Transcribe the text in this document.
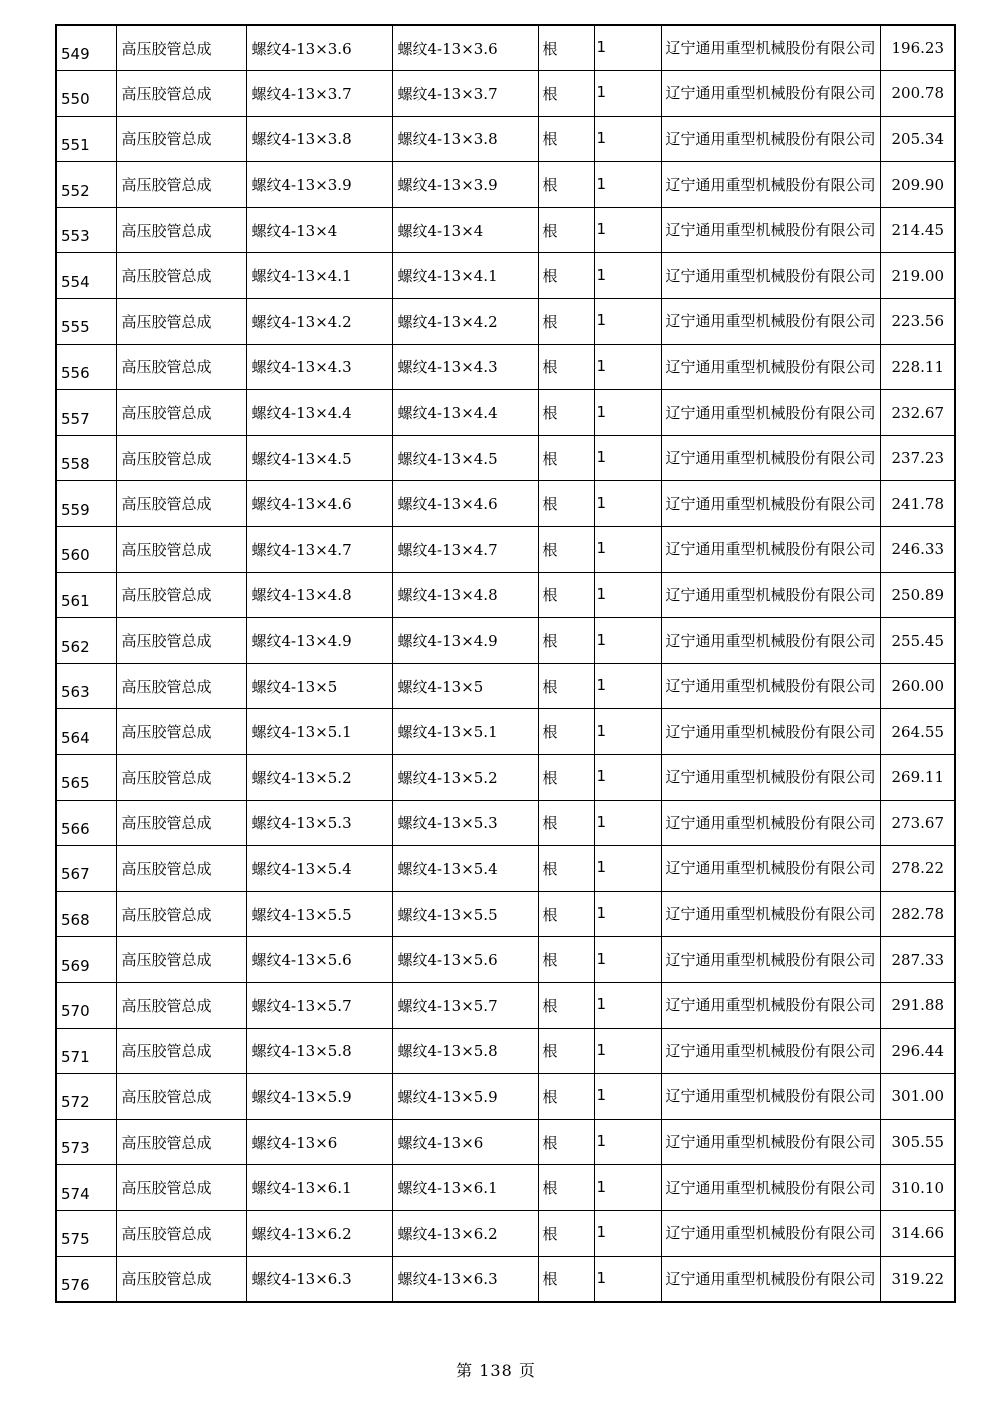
549	高压胶管总成	螺纹4-13×3.6	螺纹4-13×3.6	根	1	辽宁通用重型机械股份有限公司	196.23
550	高压胶管总成	螺纹4-13×3.7	螺纹4-13×3.7	根	1	辽宁通用重型机械股份有限公司	200.78
551	高压胶管总成	螺纹4-13×3.8	螺纹4-13×3.8	根	1	辽宁通用重型机械股份有限公司	205.34
552	高压胶管总成	螺纹4-13×3.9	螺纹4-13×3.9	根	1	辽宁通用重型机械股份有限公司	209.90
553	高压胶管总成	螺纹4-13×4	螺纹4-13×4	根	1	辽宁通用重型机械股份有限公司	214.45
554	高压胶管总成	螺纹4-13×4.1	螺纹4-13×4.1	根	1	辽宁通用重型机械股份有限公司	219.00
555	高压胶管总成	螺纹4-13×4.2	螺纹4-13×4.2	根	1	辽宁通用重型机械股份有限公司	223.56
556	高压胶管总成	螺纹4-13×4.3	螺纹4-13×4.3	根	1	辽宁通用重型机械股份有限公司	228.11
557	高压胶管总成	螺纹4-13×4.4	螺纹4-13×4.4	根	1	辽宁通用重型机械股份有限公司	232.67
558	高压胶管总成	螺纹4-13×4.5	螺纹4-13×4.5	根	1	辽宁通用重型机械股份有限公司	237.23
559	高压胶管总成	螺纹4-13×4.6	螺纹4-13×4.6	根	1	辽宁通用重型机械股份有限公司	241.78
560	高压胶管总成	螺纹4-13×4.7	螺纹4-13×4.7	根	1	辽宁通用重型机械股份有限公司	246.33
561	高压胶管总成	螺纹4-13×4.8	螺纹4-13×4.8	根	1	辽宁通用重型机械股份有限公司	250.89
562	高压胶管总成	螺纹4-13×4.9	螺纹4-13×4.9	根	1	辽宁通用重型机械股份有限公司	255.45
563	高压胶管总成	螺纹4-13×5	螺纹4-13×5	根	1	辽宁通用重型机械股份有限公司	260.00
564	高压胶管总成	螺纹4-13×5.1	螺纹4-13×5.1	根	1	辽宁通用重型机械股份有限公司	264.55
565	高压胶管总成	螺纹4-13×5.2	螺纹4-13×5.2	根	1	辽宁通用重型机械股份有限公司	269.11
566	高压胶管总成	螺纹4-13×5.3	螺纹4-13×5.3	根	1	辽宁通用重型机械股份有限公司	273.67
567	高压胶管总成	螺纹4-13×5.4	螺纹4-13×5.4	根	1	辽宁通用重型机械股份有限公司	278.22
568	高压胶管总成	螺纹4-13×5.5	螺纹4-13×5.5	根	1	辽宁通用重型机械股份有限公司	282.78
569	高压胶管总成	螺纹4-13×5.6	螺纹4-13×5.6	根	1	辽宁通用重型机械股份有限公司	287.33
570	高压胶管总成	螺纹4-13×5.7	螺纹4-13×5.7	根	1	辽宁通用重型机械股份有限公司	291.88
571	高压胶管总成	螺纹4-13×5.8	螺纹4-13×5.8	根	1	辽宁通用重型机械股份有限公司	296.44
572	高压胶管总成	螺纹4-13×5.9	螺纹4-13×5.9	根	1	辽宁通用重型机械股份有限公司	301.00
573	高压胶管总成	螺纹4-13×6	螺纹4-13×6	根	1	辽宁通用重型机械股份有限公司	305.55
574	高压胶管总成	螺纹4-13×6.1	螺纹4-13×6.1	根	1	辽宁通用重型机械股份有限公司	310.10
575	高压胶管总成	螺纹4-13×6.2	螺纹4-13×6.2	根	1	辽宁通用重型机械股份有限公司	314.66
576	高压胶管总成	螺纹4-13×6.3	螺纹4-13×6.3	根	1	辽宁通用重型机械股份有限公司	319.22
第 138 页
